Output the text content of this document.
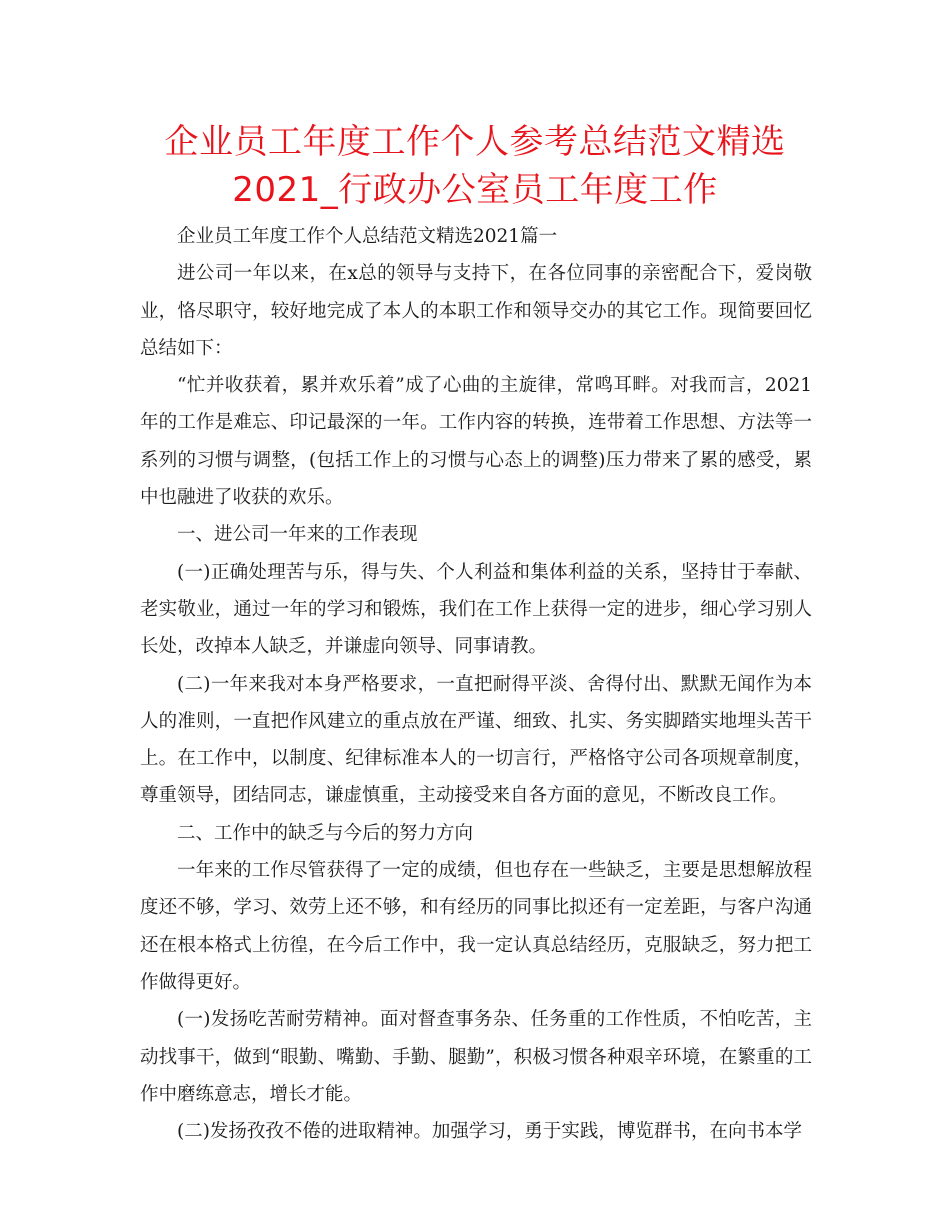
企业员工年度工作个人参考总结范文精选2021_行政办公室员工年度工作

企业员工年度工作个人总结范文精选2021篇一

进公司一年以来，在x总的领导与支持下，在各位同事的亲密配合下，爱岗敬业，恪尽职守，较好地完成了本人的本职工作和领导交办的其它工作。现简要回忆总结如下：

“忙并收获着，累并欢乐着”成了心曲的主旋律，常鸣耳畔。对我而言，2021年的工作是难忘、印记最深的一年。工作内容的转换，连带着工作思想、方法等一系列的习惯与调整，(包括工作上的习惯与心态上的调整)压力带来了累的感受，累中也融进了收获的欢乐。

一、进公司一年来的工作表现

(一)正确处理苦与乐，得与失、个人利益和集体利益的关系，坚持甘于奉献、老实敬业，通过一年的学习和锻炼，我们在工作上获得一定的进步，细心学习别人长处，改掉本人缺乏，并谦虚向领导、同事请教。

(二)一年来我对本身严格要求，一直把耐得平淡、舍得付出、默默无闻作为本人的准则，一直把作风建立的重点放在严谨、细致、扎实、务实脚踏实地埋头苦干上。在工作中，以制度、纪律标准本人的一切言行，严格恪守公司各项规章制度，尊重领导，团结同志，谦虚慎重，主动接受来自各方面的意见，不断改良工作。

二、工作中的缺乏与今后的努力方向

一年来的工作尽管获得了一定的成绩，但也存在一些缺乏，主要是思想解放程度还不够，学习、效劳上还不够，和有经历的同事比拟还有一定差距，与客户沟通还在根本格式上彷徨，在今后工作中，我一定认真总结经历，克服缺乏，努力把工作做得更好。

(一)发扬吃苦耐劳精神。面对督查事务杂、任务重的工作性质，不怕吃苦，主动找事干，做到“眼勤、嘴勤、手勤、腿勤”，积极习惯各种艰辛环境，在繁重的工作中磨练意志，增长才能。

(二)发扬孜孜不倦的进取精神。加强学习，勇于实践，博览群书，在向书本学
